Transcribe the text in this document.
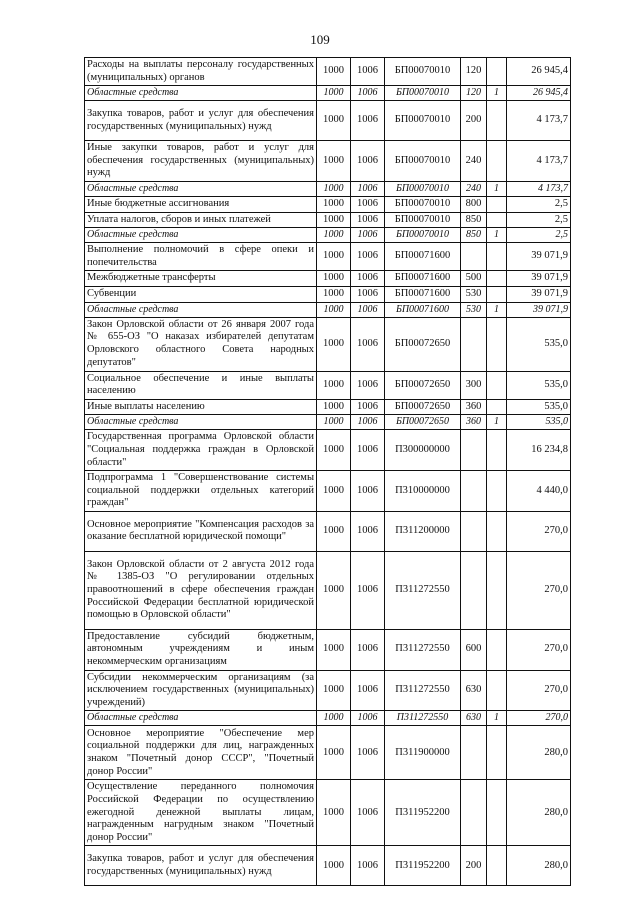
109
Расходы на выплаты персоналу государственных (муниципальных) органов	1000	1006	БП00070010	120		26 945,4
Областные средства	1000	1006	БП00070010	120	1	26 945,4
Закупка товаров, работ и услуг для обеспечения государственных (муниципальных) нужд	1000	1006	БП00070010	200		4 173,7
Иные закупки товаров, работ и услуг для обеспечения государственных (муниципальных) нужд	1000	1006	БП00070010	240		4 173,7
Областные средства	1000	1006	БП00070010	240	1	4 173,7
Иные бюджетные ассигнования	1000	1006	БП00070010	800		2,5
Уплата налогов, сборов и иных платежей	1000	1006	БП00070010	850		2,5
Областные средства	1000	1006	БП00070010	850	1	2,5
Выполнение полномочий в сфере опеки и попечительства	1000	1006	БП00071600			39 071,9
Межбюджетные трансферты	1000	1006	БП00071600	500		39 071,9
Субвенции	1000	1006	БП00071600	530		39 071,9
Областные средства	1000	1006	БП00071600	530	1	39 071,9
Закон Орловской области от 26 января 2007 года № 655-ОЗ "О наказах избирателей депутатам Орловского областного Совета народных депутатов"	1000	1006	БП00072650			535,0
Социальное обеспечение и иные выплаты населению	1000	1006	БП00072650	300		535,0
Иные выплаты населению	1000	1006	БП00072650	360		535,0
Областные средства	1000	1006	БП00072650	360	1	535,0
Государственная программа Орловской области "Социальная поддержка граждан в Орловской области"	1000	1006	П300000000			16 234,8
Подпрограмма 1 "Совершенствование системы социальной поддержки отдельных категорий граждан"	1000	1006	П310000000			4 440,0
Основное мероприятие "Компенсация расходов за оказание бесплатной юридической помощи"	1000	1006	П311200000			270,0
Закон Орловской области от 2 августа 2012 года № 1385-ОЗ "О регулировании отдельных правоотношений в сфере обеспечения граждан Российской Федерации бесплатной юридической помощью в Орловской области"	1000	1006	П311272550			270,0
Предоставление субсидий бюджетным, автономным учреждениям и иным некоммерческим организациям	1000	1006	П311272550	600		270,0
Субсидии некоммерческим организациям (за исключением государственных (муниципальных) учреждений)	1000	1006	П311272550	630		270,0
Областные средства	1000	1006	П311272550	630	1	270,0
Основное мероприятие "Обеспечение мер социальной поддержки для лиц, награжденных знаком "Почетный донор СССР", "Почетный донор России"	1000	1006	П311900000			280,0
Осуществление переданного полномочия Российской Федерации по осуществлению ежегодной денежной выплаты лицам, награжденным нагрудным знаком "Почетный донор России"	1000	1006	П311952200			280,0
Закупка товаров, работ и услуг для обеспечения государственных (муниципальных) нужд	1000	1006	П311952200	200		280,0
